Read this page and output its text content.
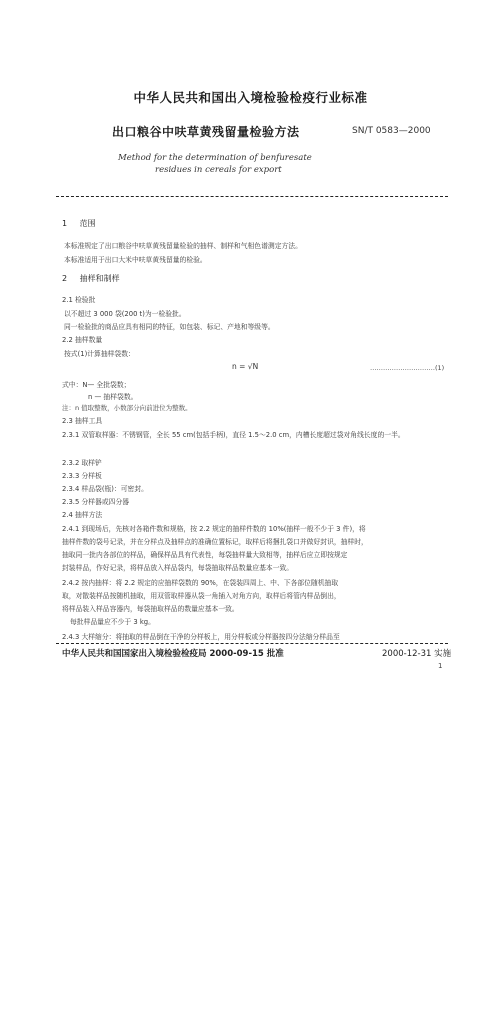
中华人民共和国出入境检验检疫行业标准
出口粮谷中呋草黄残留量检验方法	SN/T 0583—2000
Method for the determination of benfuresate
residues in cereals for export
1 范围
本标准规定了出口粮谷中呋草黄残留量检验的抽样、制样和气相色谱测定方法。
本标准适用于出口大米中呋草黄残留量的检验。
2 抽样和制样
2.1 检验批
以不超过 3 000 袋(200 t)为一检验批。
同一检验批的商品应具有相同的特征，如包装、标记、产地和等级等。
2.2 抽样数量
按式(1)计算抽样袋数：
n = √N	…………………………(1)
式中：N— 全批袋数；
n — 抽样袋数。
注：n 值取整数，小数部分向前进位为整数。
2.3 抽样工具
2.3.1 双管取样器：不锈钢管，全长 55 cm(包括手柄)，直径 1.5～2.0 cm，内槽长度超过袋对角线长度的一半。
2.3.2 取样铲
2.3.3 分样板
2.3.4 样品袋(瓶)：可密封。
2.3.5 分样器或四分器
2.4 抽样方法
2.4.1 到现场后，先核对各箱件数和规格，按 2.2 规定的抽样件数的 10%(抽样一般不少于 3 件)，将
抽样件数的袋号记录，并在分样点及抽样点的准确位置标记，取样后将捆扎袋口并做好封识，抽样时，
抽取同一批内各部位的样品，确保样品具有代表性，每袋抽样量大致相等，抽样后应立即按规定
封装样品，作好记录，将样品放入样品袋内，每袋抽取样品数量应基本一致。
2.4.2 按内抽样：将 2.2 规定的应抽样袋数的 90%，在袋装四周上、中、下各部位随机抽取
取，对散装样品按随机抽取，用双管取样器从袋一角插入对角方向，取样后将管内样品倒出，
将样品装入样品容器内，每袋抽取样品的数量应基本一致。
每批样品量应不少于 3 kg。
2.4.3 大样缩分：将抽取的样品倒在干净的分样板上，用分样板或分样器按四分法缩分样品至
中华人民共和国国家出入境检验检疫局 2000-09-15 批准	2000-12-31 实施
1
